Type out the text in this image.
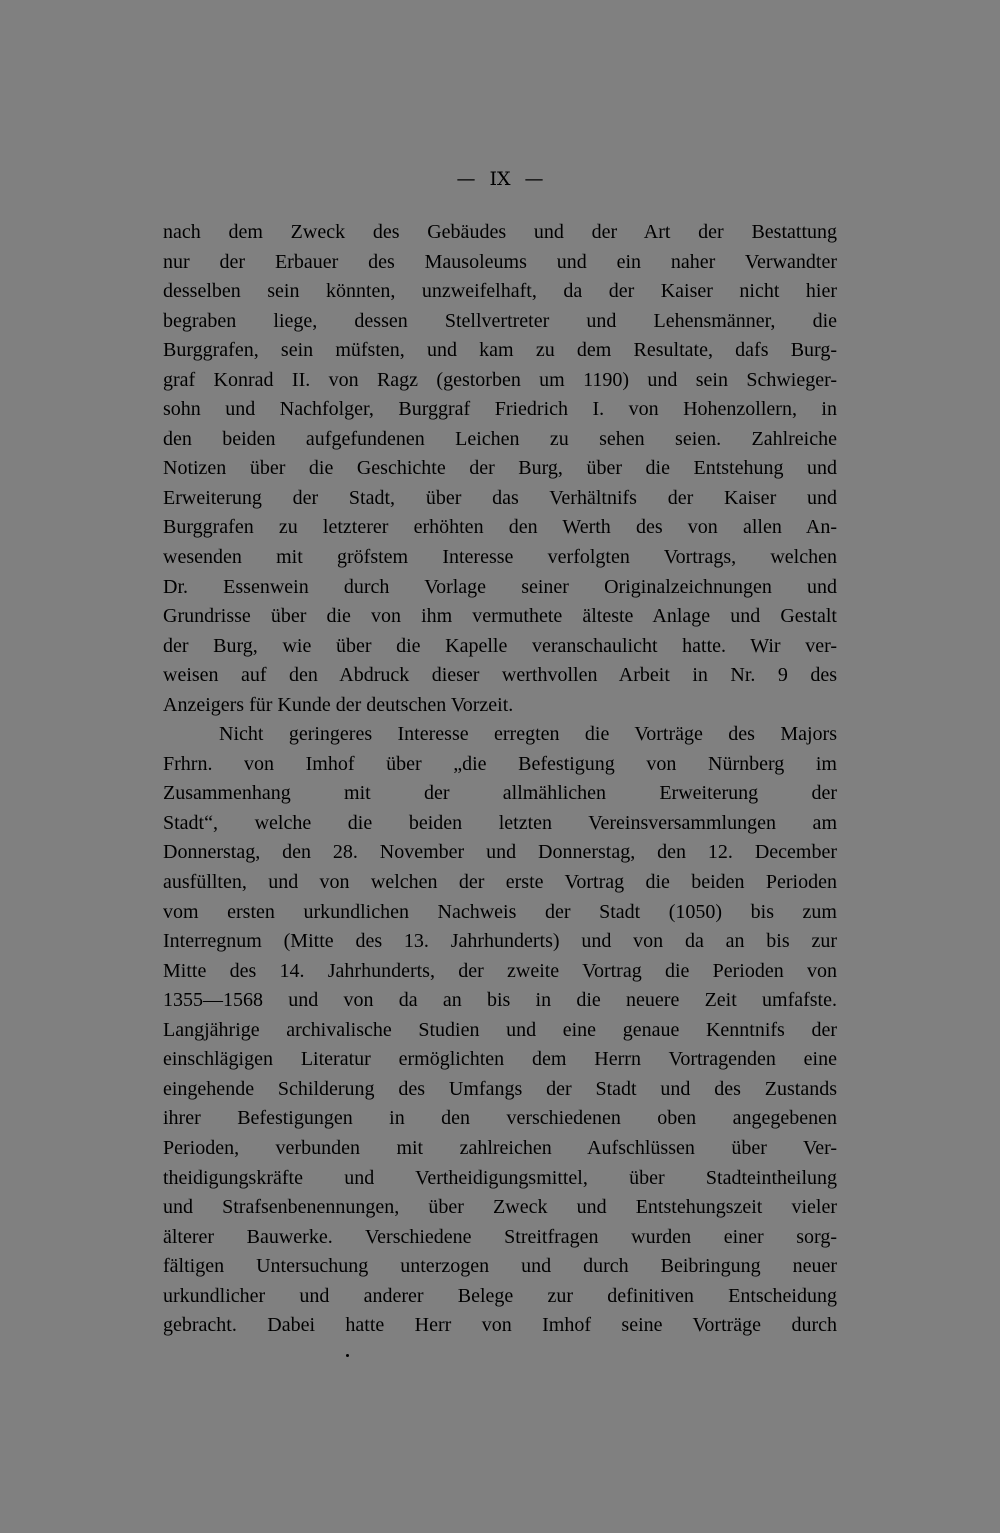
— IX —
nach dem Zweck des Gebäudes und der Art der Bestattung
nur der Erbauer des Mausoleums und ein naher Verwandter
desselben sein könnten, unzweifelhaft, da der Kaiser nicht hier
begraben liege, dessen Stellvertreter und Lehensmänner, die
Burggrafen, sein müfsten, und kam zu dem Resultate, dafs Burg-
graf Konrad II. von Ragz (gestorben um 1190) und sein Schwieger-
sohn und Nachfolger, Burggraf Friedrich I. von Hohenzollern, in
den beiden aufgefundenen Leichen zu sehen seien. Zahlreiche
Notizen über die Geschichte der Burg, über die Entstehung und
Erweiterung der Stadt, über das Verhältnifs der Kaiser und
Burggrafen zu letzterer erhöhten den Werth des von allen An-
wesenden mit gröfstem Interesse verfolgten Vortrags, welchen
Dr. Essenwein durch Vorlage seiner Originalzeichnungen und
Grundrisse über die von ihm vermuthete älteste Anlage und Gestalt
der Burg, wie über die Kapelle veranschaulicht hatte. Wir ver-
weisen auf den Abdruck dieser werthvollen Arbeit in Nr. 9 des
Anzeigers für Kunde der deutschen Vorzeit.
Nicht geringeres Interesse erregten die Vorträge des Majors
Frhrn. von Imhof über „die Befestigung von Nürnberg im
Zusammenhang mit der allmählichen Erweiterung der
Stadt“, welche die beiden letzten Vereinsversammlungen am
Donnerstag, den 28. November und Donnerstag, den 12. December
ausfüllten, und von welchen der erste Vortrag die beiden Perioden
vom ersten urkundlichen Nachweis der Stadt (1050) bis zum
Interregnum (Mitte des 13. Jahrhunderts) und von da an bis zur
Mitte des 14. Jahrhunderts, der zweite Vortrag die Perioden von
1355—1568 und von da an bis in die neuere Zeit umfafste.
Langjährige archivalische Studien und eine genaue Kenntnifs der
einschlägigen Literatur ermöglichten dem Herrn Vortragenden eine
eingehende Schilderung des Umfangs der Stadt und des Zustands
ihrer Befestigungen in den verschiedenen oben angegebenen
Perioden, verbunden mit zahlreichen Aufschlüssen über Ver-
theidigungskräfte und Vertheidigungsmittel, über Stadteintheilung
und Strafsenbenennungen, über Zweck und Entstehungszeit vieler
älterer Bauwerke. Verschiedene Streitfragen wurden einer sorg-
fältigen Untersuchung unterzogen und durch Beibringung neuer
urkundlicher und anderer Belege zur definitiven Entscheidung
gebracht. Dabei hatte Herr von Imhof seine Vorträge durch
